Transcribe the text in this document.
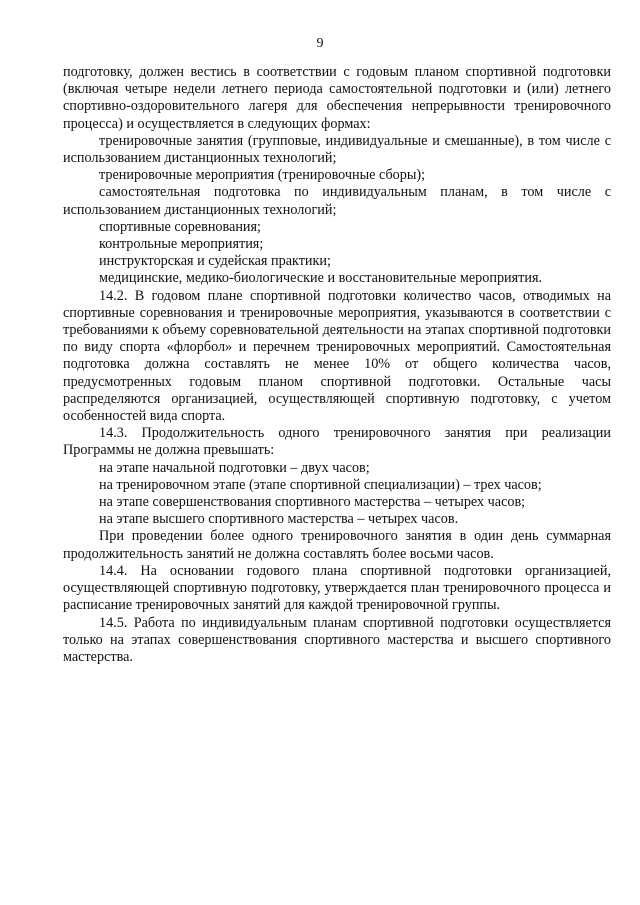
9

подготовку, должен вестись в соответствии с годовым планом спортивной подготовки (включая четыре недели летнего периода самостоятельной подготовки и (или) летнего спортивно-оздоровительного лагеря для обеспечения непрерывности тренировочного процесса) и осуществляется в следующих формах:

тренировочные занятия (групповые, индивидуальные и смешанные), в том числе с использованием дистанционных технологий;

тренировочные мероприятия (тренировочные сборы);

самостоятельная подготовка по индивидуальным планам, в том числе с использованием дистанционных технологий;

спортивные соревнования;

контрольные мероприятия;

инструкторская и судейская практики;

медицинские, медико-биологические и восстановительные мероприятия.

14.2. В годовом плане спортивной подготовки количество часов, отводимых на спортивные соревнования и тренировочные мероприятия, указываются в соответствии с требованиями к объему соревновательной деятельности на этапах спортивной подготовки по виду спорта «флорбол» и перечнем тренировочных мероприятий. Самостоятельная подготовка должна составлять не менее 10% от общего количества часов, предусмотренных годовым планом спортивной подготовки. Остальные часы распределяются организацией, осуществляющей спортивную подготовку, с учетом особенностей вида спорта.

14.3. Продолжительность одного тренировочного занятия при реализации Программы не должна превышать:

на этапе начальной подготовки – двух часов;

на тренировочном этапе (этапе спортивной специализации) – трех часов;

на этапе совершенствования спортивного мастерства – четырех часов;

на этапе высшего спортивного мастерства – четырех часов.

При проведении более одного тренировочного занятия в один день суммарная продолжительность занятий не должна составлять более восьми часов.

14.4. На основании годового плана спортивной подготовки организацией, осуществляющей спортивную подготовку, утверждается план тренировочного процесса и расписание тренировочных занятий для каждой тренировочной группы.

14.5. Работа по индивидуальным планам спортивной подготовки осуществляется только на этапах совершенствования спортивного мастерства и высшего спортивного мастерства.
